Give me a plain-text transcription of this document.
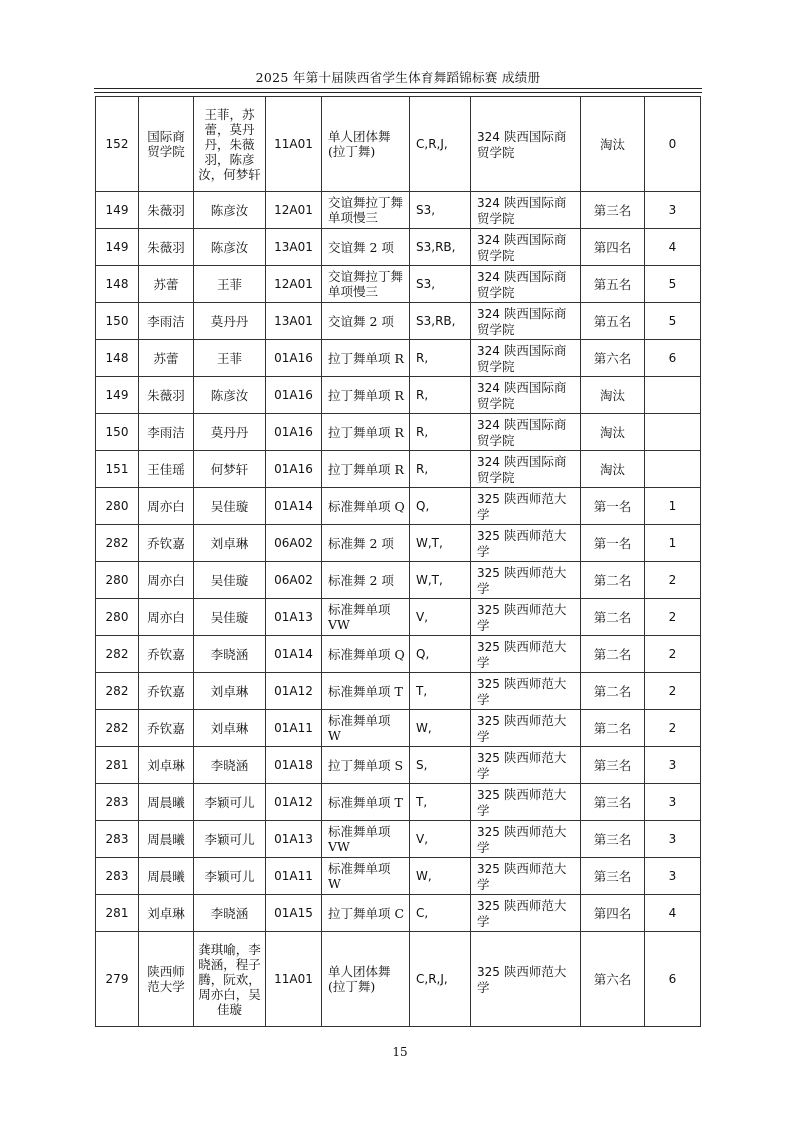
2025 年第十届陕西省学生体育舞蹈锦标赛 成绩册
152	国际商贸学院	王菲，苏蕾，莫丹丹，朱薇羽，陈彦汝，何梦轩	11A01	单人团体舞(拉丁舞)	C,R,J,	324 陕西国际商贸学院	淘汰	0
149	朱薇羽	陈彦汝	12A01	交谊舞拉丁舞单项慢三	S3,	324 陕西国际商贸学院	第三名	3
149	朱薇羽	陈彦汝	13A01	交谊舞 2 项	S3,RB,	324 陕西国际商贸学院	第四名	4
148	苏蕾	王菲	12A01	交谊舞拉丁舞单项慢三	S3,	324 陕西国际商贸学院	第五名	5
150	李雨洁	莫丹丹	13A01	交谊舞 2 项	S3,RB,	324 陕西国际商贸学院	第五名	5
148	苏蕾	王菲	01A16	拉丁舞单项 R	R,	324 陕西国际商贸学院	第六名	6
149	朱薇羽	陈彦汝	01A16	拉丁舞单项 R	R,	324 陕西国际商贸学院	淘汰	
150	李雨洁	莫丹丹	01A16	拉丁舞单项 R	R,	324 陕西国际商贸学院	淘汰	
151	王佳瑶	何梦轩	01A16	拉丁舞单项 R	R,	324 陕西国际商贸学院	淘汰	
280	周亦白	吴佳璇	01A14	标准舞单项 Q	Q,	325 陕西师范大学	第一名	1
282	乔钦嘉	刘卓琳	06A02	标准舞 2 项	W,T,	325 陕西师范大学	第一名	1
280	周亦白	吴佳璇	06A02	标准舞 2 项	W,T,	325 陕西师范大学	第二名	2
280	周亦白	吴佳璇	01A13	标准舞单项 VW	V,	325 陕西师范大学	第二名	2
282	乔钦嘉	李晓涵	01A14	标准舞单项 Q	Q,	325 陕西师范大学	第二名	2
282	乔钦嘉	刘卓琳	01A12	标准舞单项 T	T,	325 陕西师范大学	第二名	2
282	乔钦嘉	刘卓琳	01A11	标准舞单项 W	W,	325 陕西师范大学	第二名	2
281	刘卓琳	李晓涵	01A18	拉丁舞单项 S	S,	325 陕西师范大学	第三名	3
283	周晨曦	李颖可儿	01A12	标准舞单项 T	T,	325 陕西师范大学	第三名	3
283	周晨曦	李颖可儿	01A13	标准舞单项 VW	V,	325 陕西师范大学	第三名	3
283	周晨曦	李颖可儿	01A11	标准舞单项 W	W,	325 陕西师范大学	第三名	3
281	刘卓琳	李晓涵	01A15	拉丁舞单项 C	C,	325 陕西师范大学	第四名	4
279	陕西师范大学	龚琪喻，李晓涵，程子腾，阮欢，周亦白，吴佳璇	11A01	单人团体舞(拉丁舞)	C,R,J,	325 陕西师范大学	第六名	6
15
